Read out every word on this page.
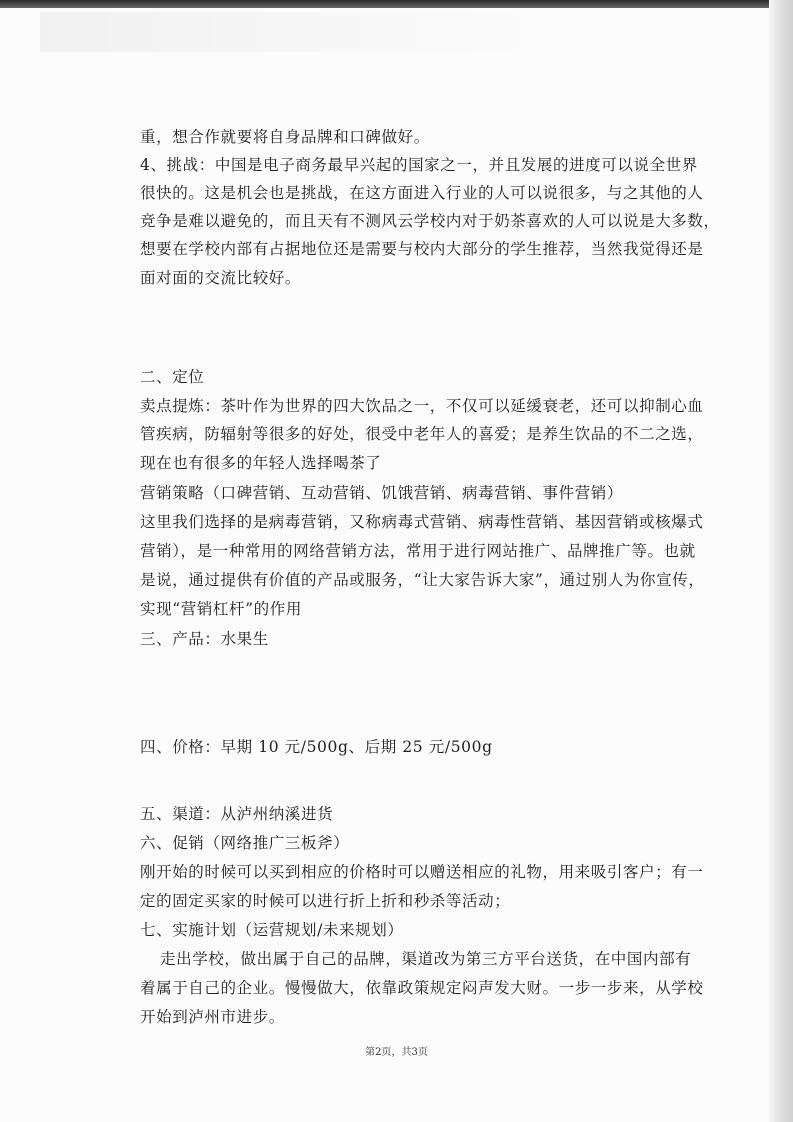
重，想合作就要将自身品牌和口碑做好。
4、挑战：中国是电子商务最早兴起的国家之一，并且发展的进度可以说全世界
很快的。这是机会也是挑战，在这方面进入行业的人可以说很多，与之其他的人
竞争是难以避免的，而且天有不测风云学校内对于奶茶喜欢的人可以说是大多数，
想要在学校内部有占据地位还是需要与校内大部分的学生推荐，当然我觉得还是
面对面的交流比较好。
二、定位
卖点提炼：茶叶作为世界的四大饮品之一，不仅可以延缓衰老，还可以抑制心血
管疾病，防辐射等很多的好处，很受中老年人的喜爱；是养生饮品的不二之选，
现在也有很多的年轻人选择喝茶了
营销策略（口碑营销、互动营销、饥饿营销、病毒营销、事件营销）
这里我们选择的是病毒营销，又称病毒式营销、病毒性营销、基因营销或核爆式
营销），是一种常用的网络营销方法，常用于进行网站推广、品牌推广等。也就
是说，通过提供有价值的产品或服务，“让大家告诉大家”，通过别人为你宣传，
实现“营销杠杆”的作用
三、产品：水果生
四、价格：早期 10 元/500g、后期 25 元/500g
五、渠道：从泸州纳溪进货
六、促销（网络推广三板斧）
刚开始的时候可以买到相应的价格时可以赠送相应的礼物，用来吸引客户；有一
定的固定买家的时候可以进行折上折和秒杀等活动；
七、实施计划（运营规划/未来规划）
走出学校，做出属于自己的品牌，渠道改为第三方平台送货，在中国内部有
着属于自己的企业。慢慢做大，依靠政策规定闷声发大财。一步一步来，从学校
开始到泸州市进步。
第2页，共3页
